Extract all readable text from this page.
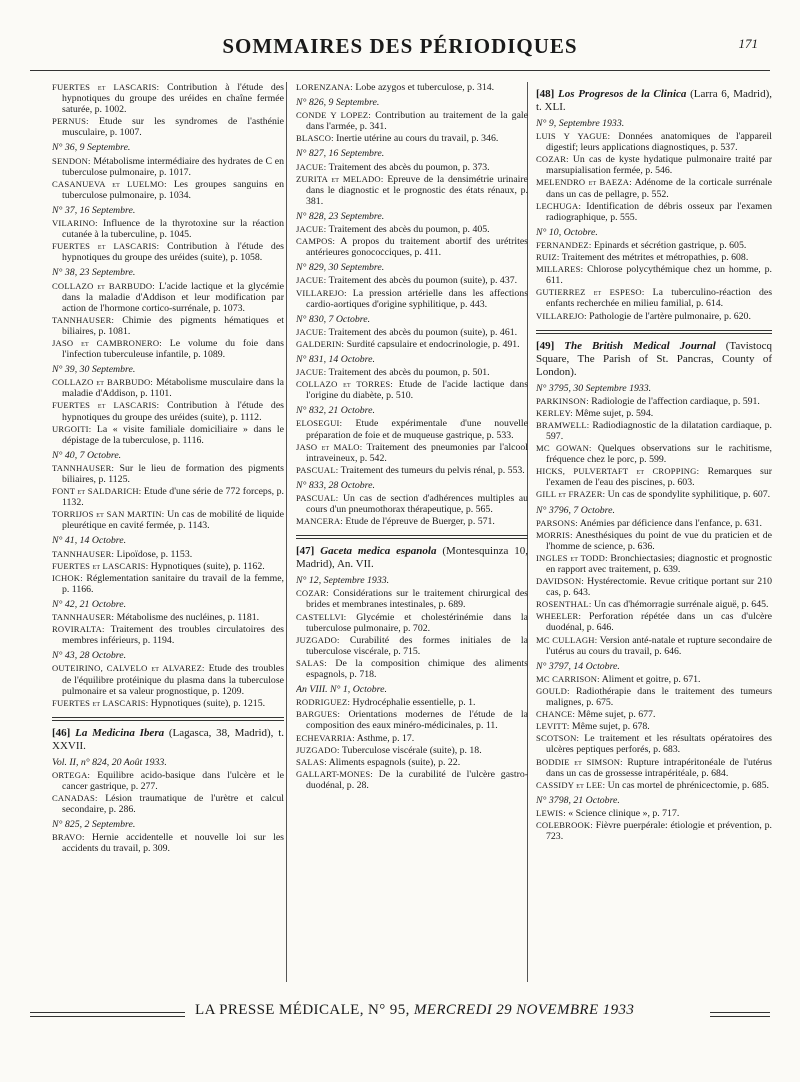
SOMMAIRES DES PÉRIODIQUES	171
FUERTES et LASCARIS: Contribution à l'étude des hypnotiques du groupe des uréides en chaîne fermée saturée, p. 1002.
PERNUS: Etude sur les syndromes de l'asthénie musculaire, p. 1007.
N° 36, 9 Septembre.
SENDON: Métabolisme intermédiaire des hydrates de C en tuberculose pulmonaire, p. 1017.
CASANUEVA et LUELMO: Les groupes sanguins en tuberculose pulmonaire, p. 1034.
N° 37, 16 Septembre.
VILARINO: Influence de la thyrotoxine sur la réaction cutanée à la tuberculine, p. 1045.
FUERTES et LASCARIS: Contribution à l'étude des hypnotiques du groupe des uréides (suite), p. 1058.
N° 38, 23 Septembre.
COLLAZO et BARBUDO: L'acide lactique et la glycémie dans la maladie d'Addison et leur modification par action de l'hormone cortico-surrénale, p. 1073.
TANNHAUSER: Chimie des pigments hématiques et biliaires, p. 1081.
JASO et CAMBRONERO: Le volume du foie dans l'infection tuberculeuse infantile, p. 1089.
N° 39, 30 Septembre.
COLLAZO et BARBUDO: Métabolisme musculaire dans la maladie d'Addison, p. 1101.
FUERTES et LASCARIS: Contribution à l'étude des hypnotiques du groupe des uréides (suite), p. 1112.
URGOITI: La « visite familiale domiciliaire » dans le dépistage de la tuberculose, p. 1116.
N° 40, 7 Octobre.
TANNHAUSER: Sur le lieu de formation des pigments biliaires, p. 1125.
FONT et SALDARICH: Etude d'une série de 772 forceps, p. 1132.
TORRIJOS et SAN MARTIN: Un cas de mobilité de liquide pleurétique en cavité fermée, p. 1143.
N° 41, 14 Octobre.
TANNHAUSER: Lipoïdose, p. 1153.
FUERTES et LASCARIS: Hypnotiques (suite), p. 1162.
ICHOK: Réglementation sanitaire du travail de la femme, p. 1166.
N° 42, 21 Octobre.
TANNHAUSER: Métabolisme des nucléines, p. 1181.
ROVIRALTA: Traitement des troubles circulatoires des membres inférieurs, p. 1194.
N° 43, 28 Octobre.
OUTEIRINO, CALVELO et ALVAREZ: Etude des troubles de l'équilibre protéinique du plasma dans la tuberculose pulmonaire et sa valeur prognostique, p. 1209.
FUERTES et LASCARIS: Hypnotiques (suite), p. 1215.
[46] La Medicina Ibera (Lagasca, 38, Madrid), t. XXVII.
Vol. II, n° 824, 20 Août 1933.
ORTEGA: Equilibre acido-basique dans l'ulcère et le cancer gastrique, p. 277.
CANADAS: Lésion traumatique de l'urètre et calcul secondaire, p. 286.
N° 825, 2 Septembre.
BRAVO: Hernie accidentelle et nouvelle loi sur les accidents du travail, p. 309.
LORENZANA: Lobe azygos et tuberculose, p. 314.
N° 826, 9 Septembre.
CONDE Y LOPEZ: Contribution au traitement de la gale dans l'armée, p. 341.
BLASCO: Inertie utérine au cours du travail, p. 346.
N° 827, 16 Septembre.
JACUE: Traitement des abcès du poumon, p. 373.
ZURITA et MELADO: Epreuve de la densimétrie urinaire dans le diagnostic et le prognostic des états rénaux, p. 381.
N° 828, 23 Septembre.
JACUE: Traitement des abcès du poumon, p. 405.
CAMPOS: A propos du traitement abortif des urétrites antérieures gonococciques, p. 411.
N° 829, 30 Septembre.
JACUE: Traitement des abcès du poumon (suite), p. 437.
VILLAREJO: La pression artérielle dans les affections cardio-aortiques d'origine syphilitique, p. 443.
N° 830, 7 Octobre.
JACUE: Traitement des abcès du poumon (suite), p. 461.
GALDERIN: Surdité capsulaire et endocrinologie, p. 491.
N° 831, 14 Octobre.
JACUE: Traitement des abcès du poumon, p. 501.
COLLAZO et TORRES: Etude de l'acide lactique dans l'origine du diabète, p. 510.
N° 832, 21 Octobre.
ELOSEGUI: Etude expérimentale d'une nouvelle préparation de foie et de muqueuse gastrique, p. 533.
JASO et MALO: Traitement des pneumonies par l'alcool intraveineux, p. 542.
PASCUAL: Traitement des tumeurs du pelvis rénal, p. 553.
N° 833, 28 Octobre.
PASCUAL: Un cas de section d'adhérences multiples au cours d'un pneumothorax thérapeutique, p. 565.
MANCERA: Etude de l'épreuve de Buerger, p. 571.
[47] Gaceta medica espanola (Montesquinza 10, Madrid), An. VII.
N° 12, Septembre 1933.
COZAR: Considérations sur le traitement chirurgical des brides et membranes intestinales, p. 689.
CASTELLVI: Glycémie et cholestérinémie dans la tuberculose pulmonaire, p. 702.
JUZGADO: Curabilité des formes initiales de la tuberculose viscérale, p. 715.
SALAS: De la composition chimique des aliments espagnols, p. 718.
An VIII. N° 1, Octobre.
RODRIGUEZ: Hydrocéphalie essentielle, p. 1.
BARGUES: Orientations modernes de l'étude de la composition des eaux minéro-médicinales, p. 11.
ECHEVARRIA: Asthme, p. 17.
JUZGADO: Tuberculose viscérale (suite), p. 18.
SALAS: Aliments espagnols (suite), p. 22.
GALLART-MONES: De la curabilité de l'ulcère gastro-duodénal, p. 28.
[48] Los Progresos de la Clinica (Larra 6, Madrid), t. XLI.
N° 9, Septembre 1933.
LUIS Y YAGUE: Données anatomiques de l'appareil digestif; leurs applications diagnostiques, p. 537.
COZAR: Un cas de kyste hydatique pulmonaire traité par marsupialisation fermée, p. 546.
MELENDRO et BAEZA: Adénome de la corticale surrénale dans un cas de pellagre, p. 552.
LECHUGA: Identification de débris osseux par l'examen radiographique, p. 555.
N° 10, Octobre.
FERNANDEZ: Epinards et sécrétion gastrique, p. 605.
RUIZ: Traitement des métrites et métropathies, p. 608.
MILLARES: Chlorose polycythémique chez un homme, p. 611.
GUTIERREZ et ESPESO: La tuberculino-réaction des enfants recherchée en milieu familial, p. 614.
VILLAREJO: Pathologie de l'artère pulmonaire, p. 620.
[49] The British Medical Journal (Tavistocq Square, The Parish of St. Pancras, County of London).
N° 3795, 30 Septembre 1933.
PARKINSON: Radiologie de l'affection cardiaque, p. 591.
KERLEY: Même sujet, p. 594.
BRAMWELL: Radiodiagnostic de la dilatation cardiaque, p. 597.
MC GOWAN: Quelques observations sur le rachitisme, fréquence chez le porc, p. 599.
HICKS, PULVERTAFT et CROPPING: Remarques sur l'examen de l'eau des piscines, p. 603.
GILL et FRAZER: Un cas de spondylite syphilitique, p. 607.
N° 3796, 7 Octobre.
PARSONS: Anémies par déficience dans l'enfance, p. 631.
MORRIS: Anesthésiques du point de vue du praticien et de l'homme de science, p. 636.
INGLES et TODD: Bronchiectasies; diagnostic et prognostic en rapport avec traitement, p. 639.
DAVIDSON: Hystérectomie. Revue critique portant sur 210 cas, p. 643.
ROSENTHAL: Un cas d'hémorragie surrénale aiguë, p. 645.
WHEELER: Perforation répétée dans un cas d'ulcère duodénal, p. 646.
MC CULLAGH: Version anté-natale et rupture secondaire de l'utérus au cours du travail, p. 646.
N° 3797, 14 Octobre.
MC CARRISON: Aliment et goitre, p. 671.
GOULD: Radiothérapie dans le traitement des tumeurs malignes, p. 675.
CHANCE: Même sujet, p. 677.
LEVITT: Même sujet, p. 678.
SCOTSON: Le traitement et les résultats opératoires des ulcères peptiques perforés, p. 683.
BODDIE et SIMSON: Rupture intrapéritonéale de l'utérus dans un cas de grossesse intrapéritéale, p. 684.
CASSIDY et LEE: Un cas mortel de phrénicectomie, p. 685.
N° 3798, 21 Octobre.
LEWIS: « Science clinique », p. 717.
COLEBROOK: Fièvre puerpérale: étiologie et prévention, p. 723.
LA PRESSE MÉDICALE, N° 95, MERCREDI 29 NOVEMBRE 1933
